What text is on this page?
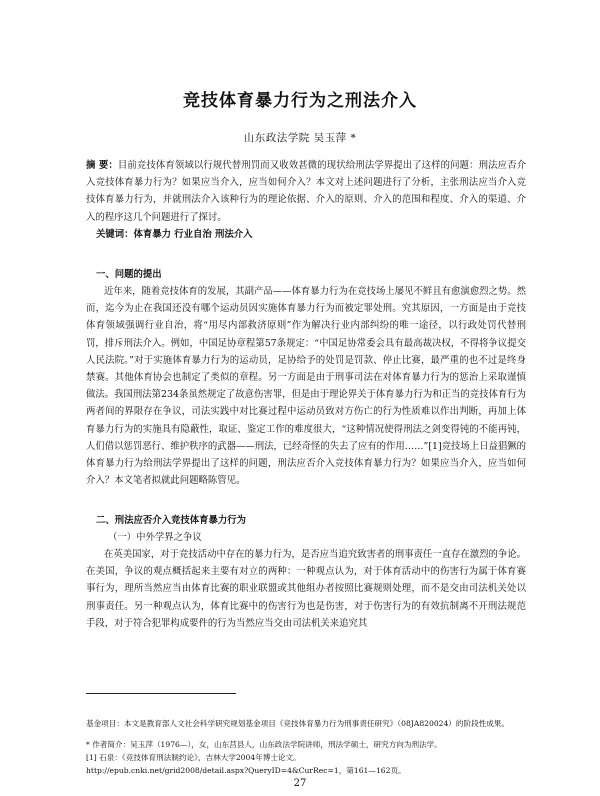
竞技体育暴力行为之刑法介入
山东政法学院 吴玉萍 *
摘 要：目前竞技体育领域以行规代替刑罚而又收效甚微的现状给刑法学界提出了这样的问题：刑法应否介入竞技体育暴力行为？如果应当介入，应当如何介入？本文对上述问题进行了分析，主张刑法应当介入竞技体育暴力行为，并就刑法介入该种行为的理论依据、介入的原则、介入的范围和程度、介入的渠道、介入的程序这几个问题进行了探讨。
关键词：体育暴力 行业自治 刑法介入
一、问题的提出

近年来，随着竞技体育的发展，其副产品——体育暴力行为在竞技场上屡见不鲜且有愈演愈烈之势。然而，迄今为止在我国还没有哪个运动员因实施体育暴力行为而被定罪处刑。究其原因，一方面是由于竞技体育领域强调行业自治，将“用尽内部救济原则”作为解决行业内部纠纷的唯一途径，以行政处罚代替刑罚，排斥刑法介入。例如，中国足协章程第57条规定：“中国足协常委会具有最高裁决权，不得将争议提交人民法院。”对于实施体育暴力行为的运动员，足协给予的处罚是罚款、停止比赛，最严重的也不过是终身禁赛。其他体育协会也制定了类似的章程。另一方面是由于刑事司法在对体育暴力行为的惩治上采取谨慎做法。我国刑法第234条虽然规定了故意伤害罪，但是由于理论界关于体育暴力行为和正当的竞技体育行为两者间的界限存在争议，司法实践中对比赛过程中运动员致对方伤亡的行为性质难以作出判断，再加上体育暴力行为的实施具有隐蔽性，取证、鉴定工作的难度很大，“这种情况使得刑法之剑变得钝的不能再钝，人们借以惩罚恶行、维护秩序的武器——刑法，已经奇怪的失去了应有的作用……”[1]竞技场上日益猖獗的体育暴力行为给刑法学界提出了这样的问题，刑法应否介入竞技体育暴力行为？如果应当介入，应当如何介入？本文笔者拟就此问题略陈管见。

二、刑法应否介入竞技体育暴力行为
（一）中外学界之争议

在英美国家，对于竞技活动中存在的暴力行为，是否应当追究致害者的刑事责任一直存在激烈的争论。在美国，争议的观点概括起来主要有对立的两种：一种观点认为，对于体育活动中的伤害行为属于体育赛事行为，理所当然应当由体育比赛的职业联盟或其他组办者按照比赛规则处理，而不是交由司法机关处以刑事责任。另一种观点认为，体育比赛中的伤害行为也是伤害，对于伤害行为的有效抗制离不开刑法规范手段，对于符合犯罪构成要件的行为当然应当交由司法机关来追究其

基金项目：本文是教育部人文社会科学研究规划基金项目《竞技体育暴力行为刑事责任研究》（08JA820024）的阶段性成果。
* 作者简介：吴玉萍（1976—），女，山东莒县人，山东政法学院讲师，刑法学硕士，研究方向为刑法学。
[1] 石泉：《竞技体育刑法制约论》，吉林大学2004年博士论文。
http://epub.cnki.net/grid2008/detail.aspx?QueryID=4&CurRec=1，第161—162页。
27
